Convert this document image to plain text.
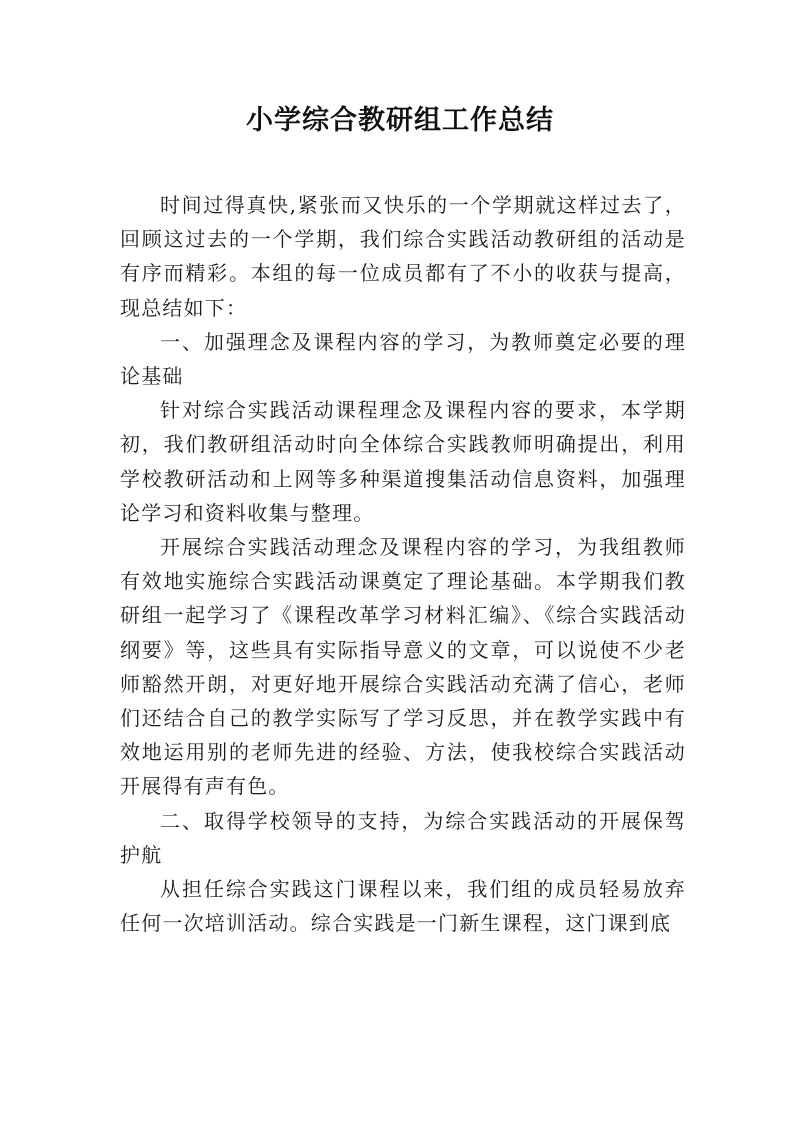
小学综合教研组工作总结

时间过得真快,紧张而又快乐的一个学期就这样过去了，回顾这过去的一个学期，我们综合实践活动教研组的活动是有序而精彩。本组的每一位成员都有了不小的收获与提高，现总结如下：

一、加强理念及课程内容的学习，为教师奠定必要的理论基础

针对综合实践活动课程理念及课程内容的要求，本学期初，我们教研组活动时向全体综合实践教师明确提出，利用学校教研活动和上网等多种渠道搜集活动信息资料，加强理论学习和资料收集与整理。

开展综合实践活动理念及课程内容的学习，为我组教师有效地实施综合实践活动课奠定了理论基础。本学期我们教研组一起学习了《课程改革学习材料汇编》、《综合实践活动纲要》等，这些具有实际指导意义的文章，可以说使不少老师豁然开朗，对更好地开展综合实践活动充满了信心，老师们还结合自己的教学实际写了学习反思，并在教学实践中有效地运用别的老师先进的经验、方法，使我校综合实践活动开展得有声有色。

二、取得学校领导的支持，为综合实践活动的开展保驾护航

从担任综合实践这门课程以来，我们组的成员轻易放弃任何一次培训活动。综合实践是一门新生课程，这门课到底
